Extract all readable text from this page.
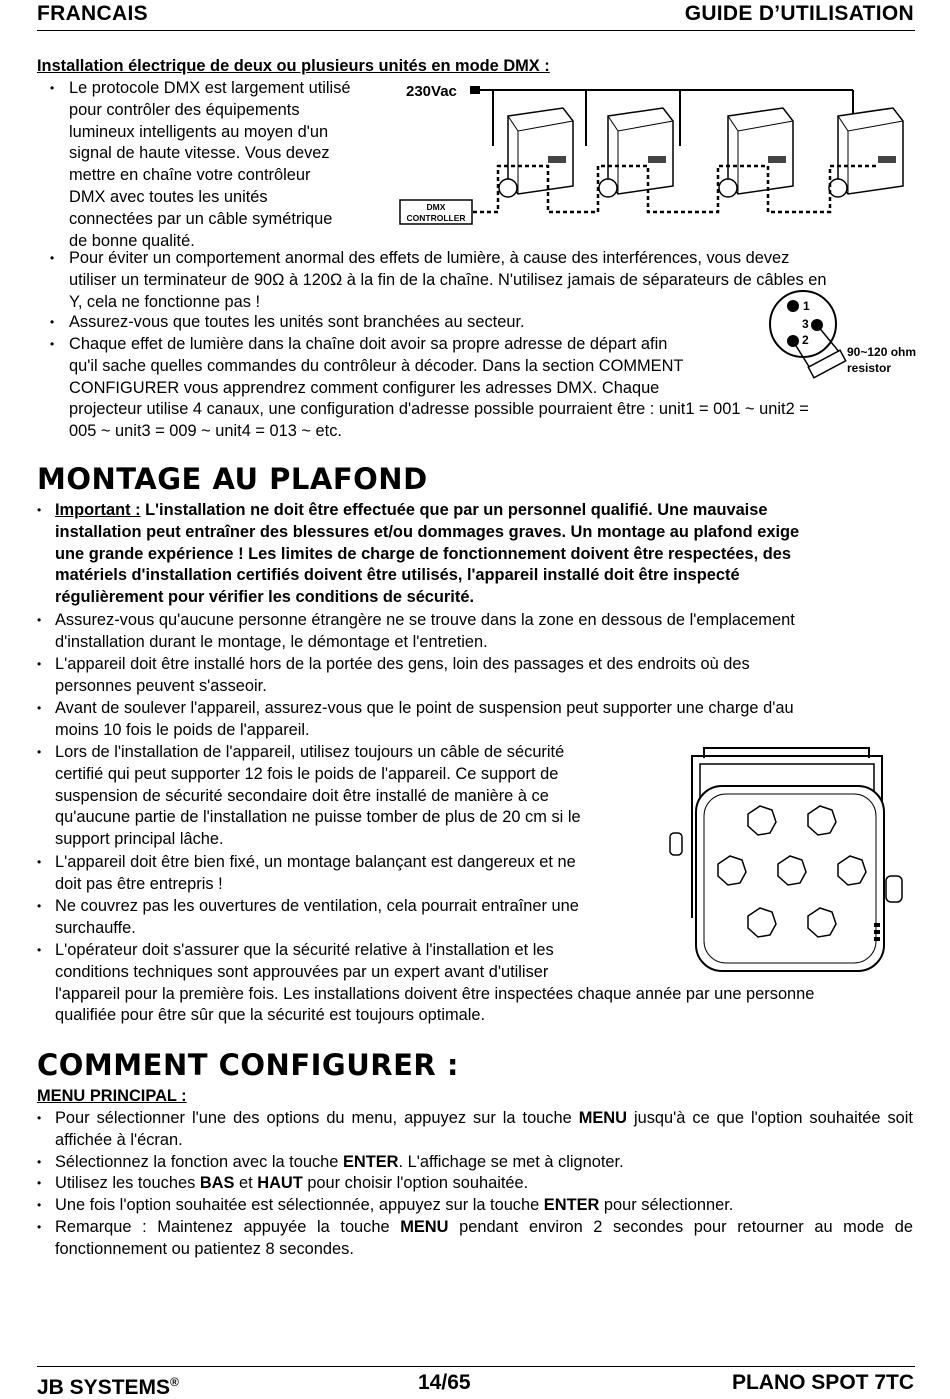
FRANCAIS	GUIDE D’UTILISATION
Installation électrique de deux ou plusieurs unités en mode DMX :
• Le protocole DMX est largement utilisé
pour contrôler des équipements
lumineux intelligents au moyen d'un
signal de haute vitesse. Vous devez
mettre en chaîne votre contrôleur
DMX avec toutes les unités
connectées par un câble symétrique
de bonne qualité.
230Vac
DMX
CONTROLLER
• Pour éviter un comportement anormal des effets de lumière, à cause des interférences, vous devez
utiliser un terminateur de 90Ω à 120Ω à la fin de la chaîne. N'utilisez jamais de séparateurs de câbles en
Y, cela ne fonctionne pas !
• Assurez-vous que toutes les unités sont branchées au secteur.
• Chaque effet de lumière dans la chaîne doit avoir sa propre adresse de départ afin
qu'il sache quelles commandes du contrôleur à décoder. Dans la section COMMENT
CONFIGURER vous apprendrez comment configurer les adresses DMX. Chaque
projecteur utilise 4 canaux, une configuration d'adresse possible pourraient être : unit1 = 001 ~ unit2 =
005 ~ unit3 = 009 ~ unit4 = 013 ~ etc.
1
3
2
90~120 ohm
resistor
MONTAGE AU PLAFOND
• Important : L'installation ne doit être effectuée que par un personnel qualifié. Une mauvaise
installation peut entraîner des blessures et/ou dommages graves. Un montage au plafond exige
une grande expérience ! Les limites de charge de fonctionnement doivent être respectées, des
matériels d'installation certifiés doivent être utilisés, l'appareil installé doit être inspecté
régulièrement pour vérifier les conditions de sécurité.
• Assurez-vous qu'aucune personne étrangère ne se trouve dans la zone en dessous de l'emplacement
d'installation durant le montage, le démontage et l'entretien.
• L'appareil doit être installé hors de la portée des gens, loin des passages et des endroits où des
personnes peuvent s'asseoir.
• Avant de soulever l'appareil, assurez-vous que le point de suspension peut supporter une charge d'au
moins 10 fois le poids de l'appareil.
• Lors de l'installation de l'appareil, utilisez toujours un câble de sécurité
certifié qui peut supporter 12 fois le poids de l'appareil. Ce support de
suspension de sécurité secondaire doit être installé de manière à ce
qu'aucune partie de l'installation ne puisse tomber de plus de 20 cm si le
support principal lâche.
• L'appareil doit être bien fixé, un montage balançant est dangereux et ne
doit pas être entrepris !
• Ne couvrez pas les ouvertures de ventilation, cela pourrait entraîner une
surchauffe.
• L'opérateur doit s'assurer que la sécurité relative à l'installation et les
conditions techniques sont approuvées par un expert avant d'utiliser
l'appareil pour la première fois. Les installations doivent être inspectées chaque année par une personne
qualifiée pour être sûr que la sécurité est toujours optimale.
COMMENT CONFIGURER :
MENU PRINCIPAL :
• Pour sélectionner l'une des options du menu, appuyez sur la touche MENU jusqu'à ce que l'option souhaitée soit affichée à l'écran.
• Sélectionnez la fonction avec la touche ENTER. L'affichage se met à clignoter.
• Utilisez les touches BAS et HAUT pour choisir l'option souhaitée.
• Une fois l'option souhaitée est sélectionnée, appuyez sur la touche ENTER pour sélectionner.
• Remarque : Maintenez appuyée la touche MENU pendant environ 2 secondes pour retourner au mode de fonctionnement ou patientez 8 secondes.
JB SYSTEMS®	14/65	PLANO SPOT 7TC
